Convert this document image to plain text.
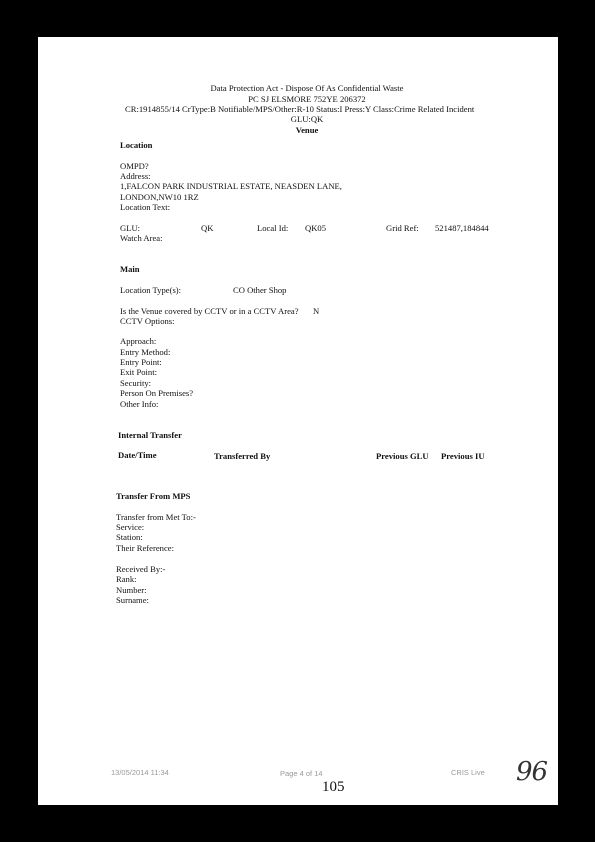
Data Protection Act - Dispose Of As Confidential Waste
PC SJ ELSMORE 752YE 206372
CR:1914855/14 CrType:B Notifiable/MPS/Other:R-10 Status:I Press:Y Class:Crime Related Incident
GLU:QK
Venue
Location
OMPD?
Address:
1,FALCON PARK INDUSTRIAL ESTATE, NEASDEN LANE,
LONDON,NW10 1RZ
Location Text:
GLU:	QK	Local Id: QK05	Grid Ref: 521487,184844
Watch Area:
Main
Location Type(s):	CO Other Shop
Is the Venue covered by CCTV or in a CCTV Area? N
CCTV Options:
Approach:
Entry Method:
Entry Point:
Exit Point:
Security:
Person On Premises?
Other Info:
Internal Transfer
Date/Time	Transferred By	Previous GLU Previous IU
Transfer From MPS
Transfer from Met To:-
Service:
Station:
Their Reference:
Received By:-
Rank:
Number:
Surname:
13/05/2014 11:34	Page 4 of 14	CRIS Live 96
105
